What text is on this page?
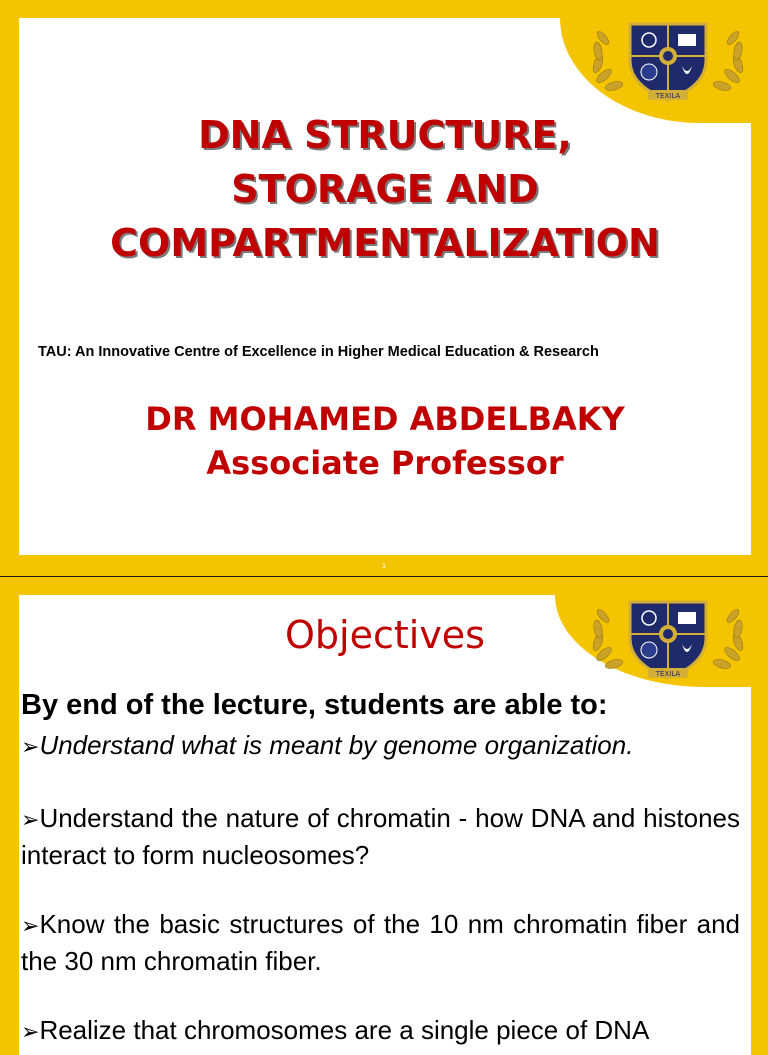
TEXILA
DNA STRUCTURE,
STORAGE AND
COMPARTMENTALIZATION
TAU: An Innovative Centre of Excellence in Higher Medical Education & Research
DR MOHAMED ABDELBAKY
Associate Professor
1
TEXILA
Objectives
By end of the lecture, students are able to:
➢Understand what is meant by genome organization.
➢Understand the nature of chromatin - how DNA and histones interact to form nucleosomes?
➢Know the basic structures of the 10 nm chromatin fiber and the 30 nm chromatin fiber.
➢Realize that chromosomes are a single piece of DNA
